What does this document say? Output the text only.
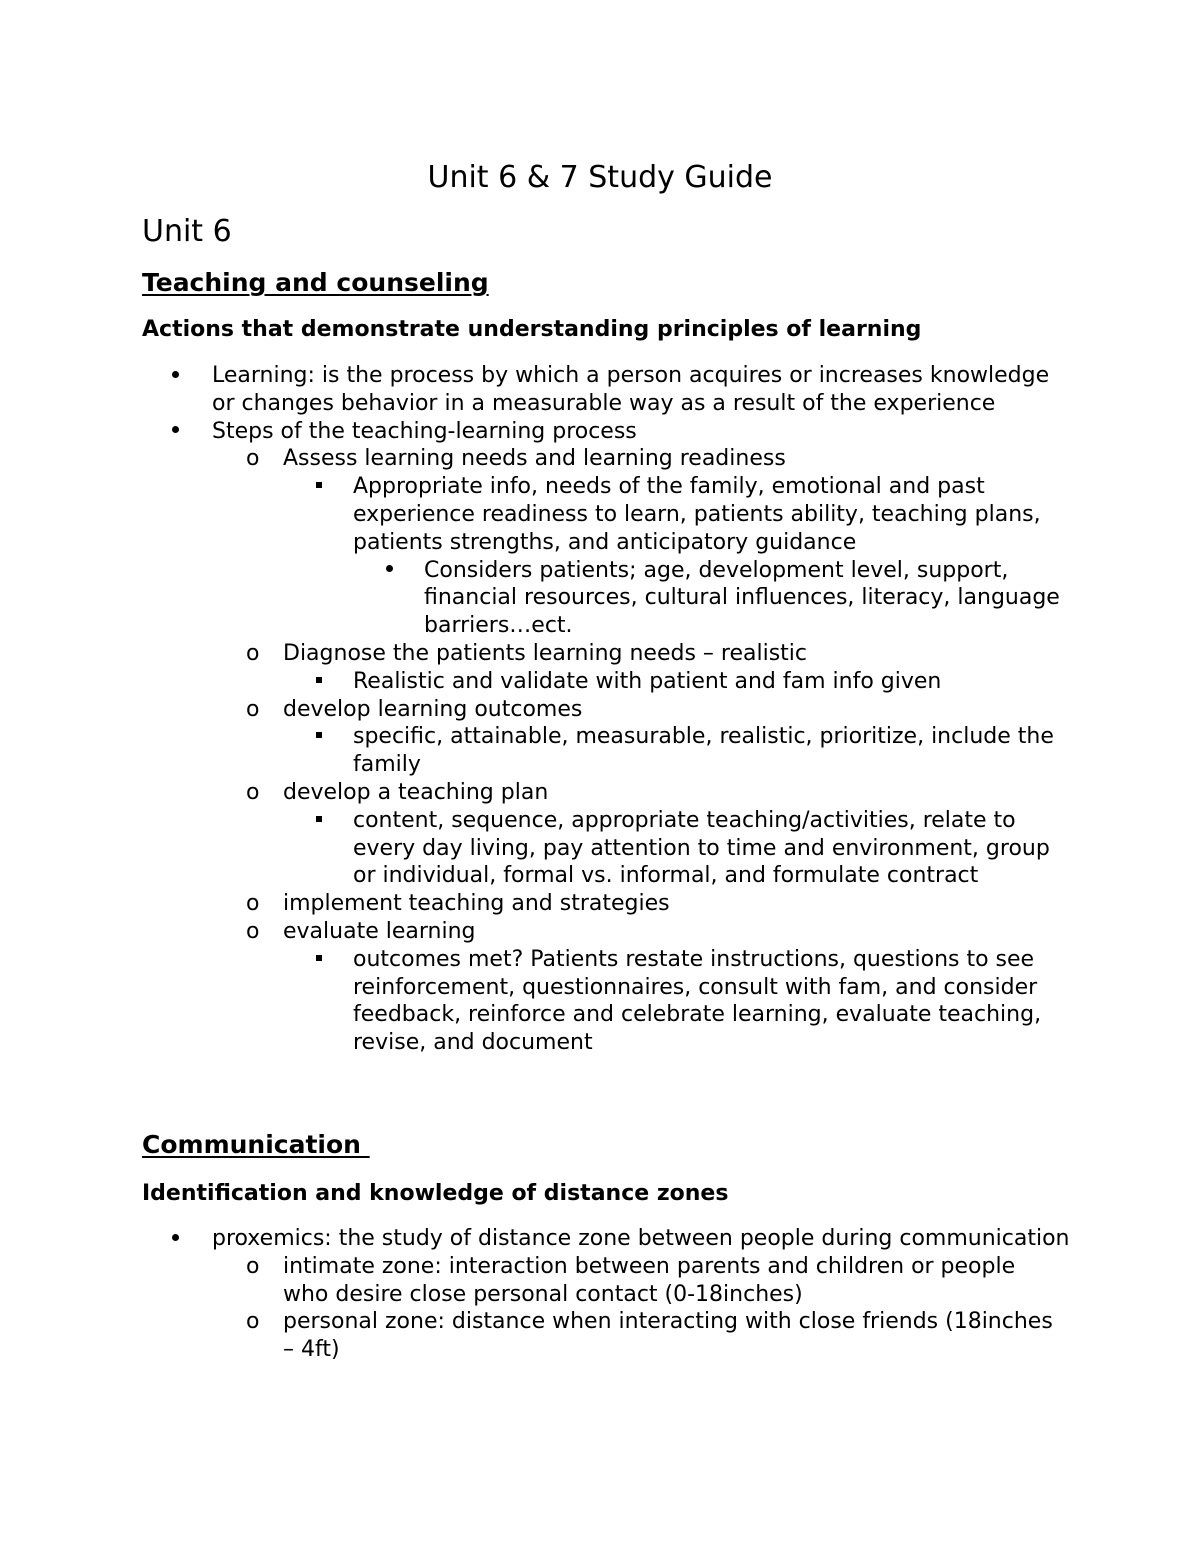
Unit 6 & 7 Study Guide
Unit 6
Teaching and counseling
Actions that demonstrate understanding principles of learning
Learning: is the process by which a person acquires or increases knowledge or changes behavior in a measurable way as a result of the experience
Steps of the teaching-learning process
o Assess learning needs and learning readiness
Appropriate info, needs of the family, emotional and past experience readiness to learn, patients ability, teaching plans, patients strengths, and anticipatory guidance
Considers patients; age, development level, support, financial resources, cultural influences, literacy, language barriers…ect.
o Diagnose the patients learning needs – realistic
Realistic and validate with patient and fam info given
o develop learning outcomes
specific, attainable, measurable, realistic, prioritize, include the family
o develop a teaching plan
content, sequence, appropriate teaching/activities, relate to every day living, pay attention to time and environment, group or individual, formal vs. informal, and formulate contract
o implement teaching and strategies
o evaluate learning
outcomes met? Patients restate instructions, questions to see reinforcement, questionnaires, consult with fam, and consider feedback, reinforce and celebrate learning, evaluate teaching, revise, and document
Communication
Identification and knowledge of distance zones
proxemics: the study of distance zone between people during communication
o intimate zone: interaction between parents and children or people who desire close personal contact (0-18inches)
o personal zone: distance when interacting with close friends (18inches – 4ft)
